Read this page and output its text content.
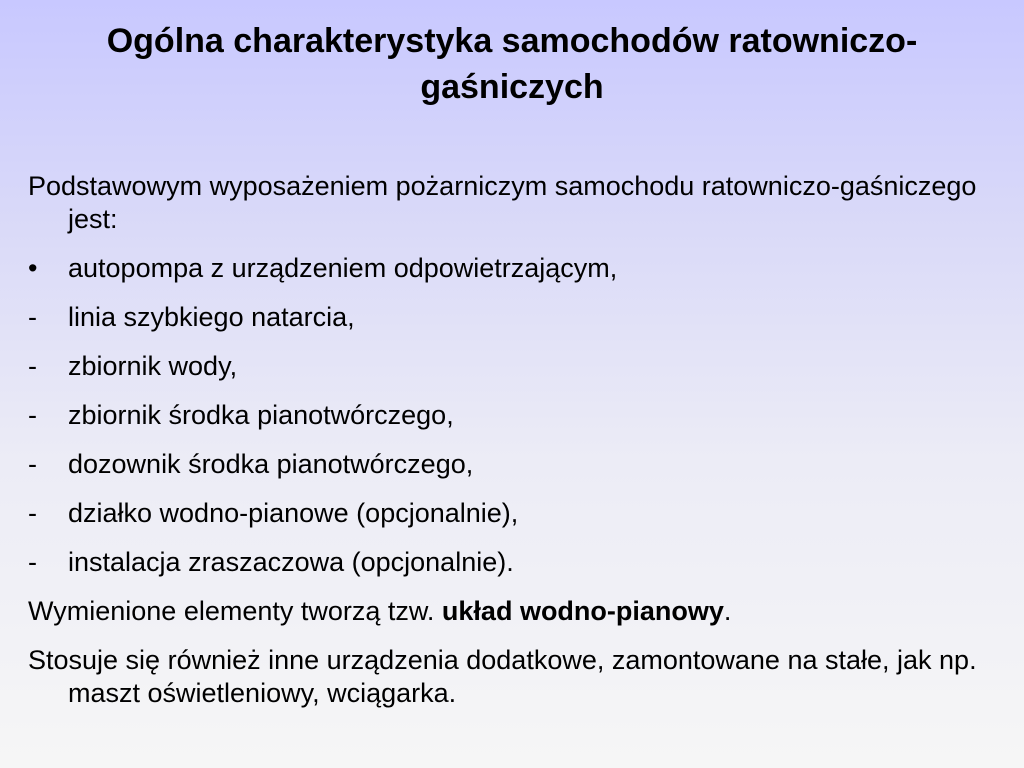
Ogólna charakterystyka samochodów ratowniczo-gaśniczych

Podstawowym wyposażeniem pożarniczym samochodu ratowniczo-gaśniczego jest:

•	autopompa z urządzeniem odpowietrzającym,
-	linia szybkiego natarcia,
-	zbiornik wody,
-	zbiornik środka pianotwórczego,
-	dozownik środka pianotwórczego,
-	działko wodno-pianowe (opcjonalnie),
-	instalacja zraszaczowa (opcjonalnie).

Wymienione elementy tworzą tzw. układ wodno-pianowy.

Stosuje się również inne urządzenia dodatkowe, zamontowane na stałe, jak np. maszt oświetleniowy, wciągarka.
